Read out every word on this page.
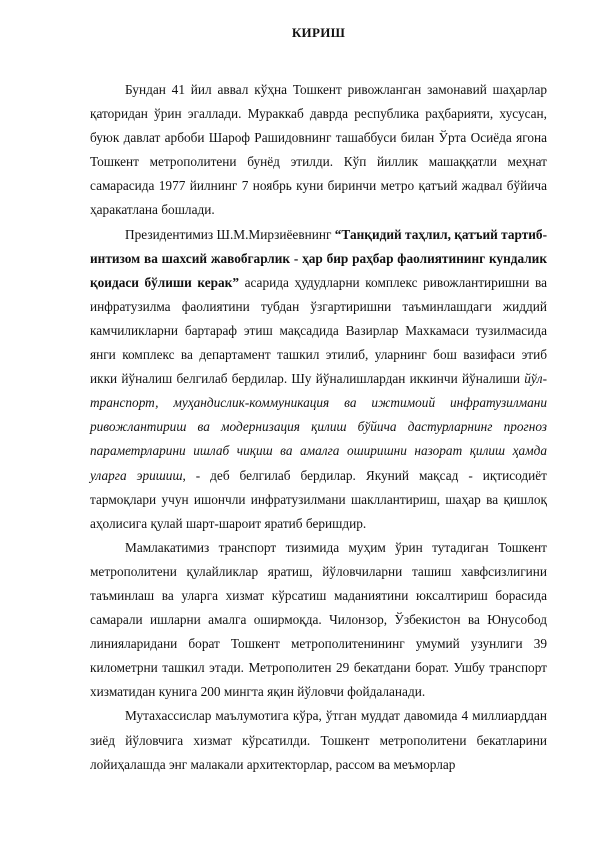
КИРИШ

Бундан 41 йил аввал кўҳна Тошкент ривожланган замонавий шаҳарлар қаторидан ўрин эгаллади. Мураккаб даврда республика раҳбарияти, хусусан, буюк давлат арбоби Шароф Рашидовнинг ташаббуси билан Ўрта Осиёда ягона Тошкент метрополитени бунёд этилди. Кўп йиллик машаққатли меҳнат самарасида 1977 йилнинг 7 ноябрь куни биринчи метро қатъий жадвал бўйича ҳаракатлана бошлади.

Президентимиз Ш.М.Мирзиёевнинг “Танқидий таҳлил, қатъий тартиб-интизом ва шахсий жавобгарлик - ҳар бир раҳбар фаолиятининг кундалик қоидаси бўлиши керак” асарида ҳудудларни комплекс ривожлантиришни ва инфратузилма фаолиятини тубдан ўзгартиришни таъминлашдаги жиддий камчиликларни бартараф этиш мақсадида Вазирлар Махкамаси тузилмасида янги комплекс ва департамент ташкил этилиб, уларнинг бош вазифаси этиб икки йўналиш белгилаб бердилар. Шу йўналишлардан иккинчи йўналиши йўл-транспорт, муҳандислик-коммуникация ва ижтимоий инфратузилмани ривожлантириш ва модернизация қилиш бўйича дастурларнинг прогноз параметрларини ишлаб чиқиш ва амалга оширишни назорат қилиш ҳамда уларга эришиш, - деб белгилаб бердилар. Якуний мақсад - иқтисодиёт тармоқлари учун ишончли инфратузилмани шакллантириш, шаҳар ва қишлоқ аҳолисига қулай шарт-шароит яратиб беришдир.

Мамлакатимиз транспорт тизимида муҳим ўрин тутадиган Тошкент метрополитени қулайликлар яратиш, йўловчиларни ташиш хавфсизлигини таъминлаш ва уларга хизмат кўрсатиш маданиятини юксалтириш борасида самарали ишларни амалга оширмоқда. Чилонзор, Ўзбекистон ва Юнусобод линияларидани борат Тошкент метрополитенининг умумий узунлиги 39 километрни ташкил этади. Метрополитен 29 бекатдани борат. Ушбу транспорт хизматидан кунига 200 мингта яқин йўловчи фойдаланади.

Мутахассислар маълумотига кўра, ўтган муддат давомида 4 миллиарддан зиёд йўловчига хизмат кўрсатилди. Тошкент метрополитени бекатларини лойиҳалашда энг малакали архитекторлар, рассом ва меъморлар
